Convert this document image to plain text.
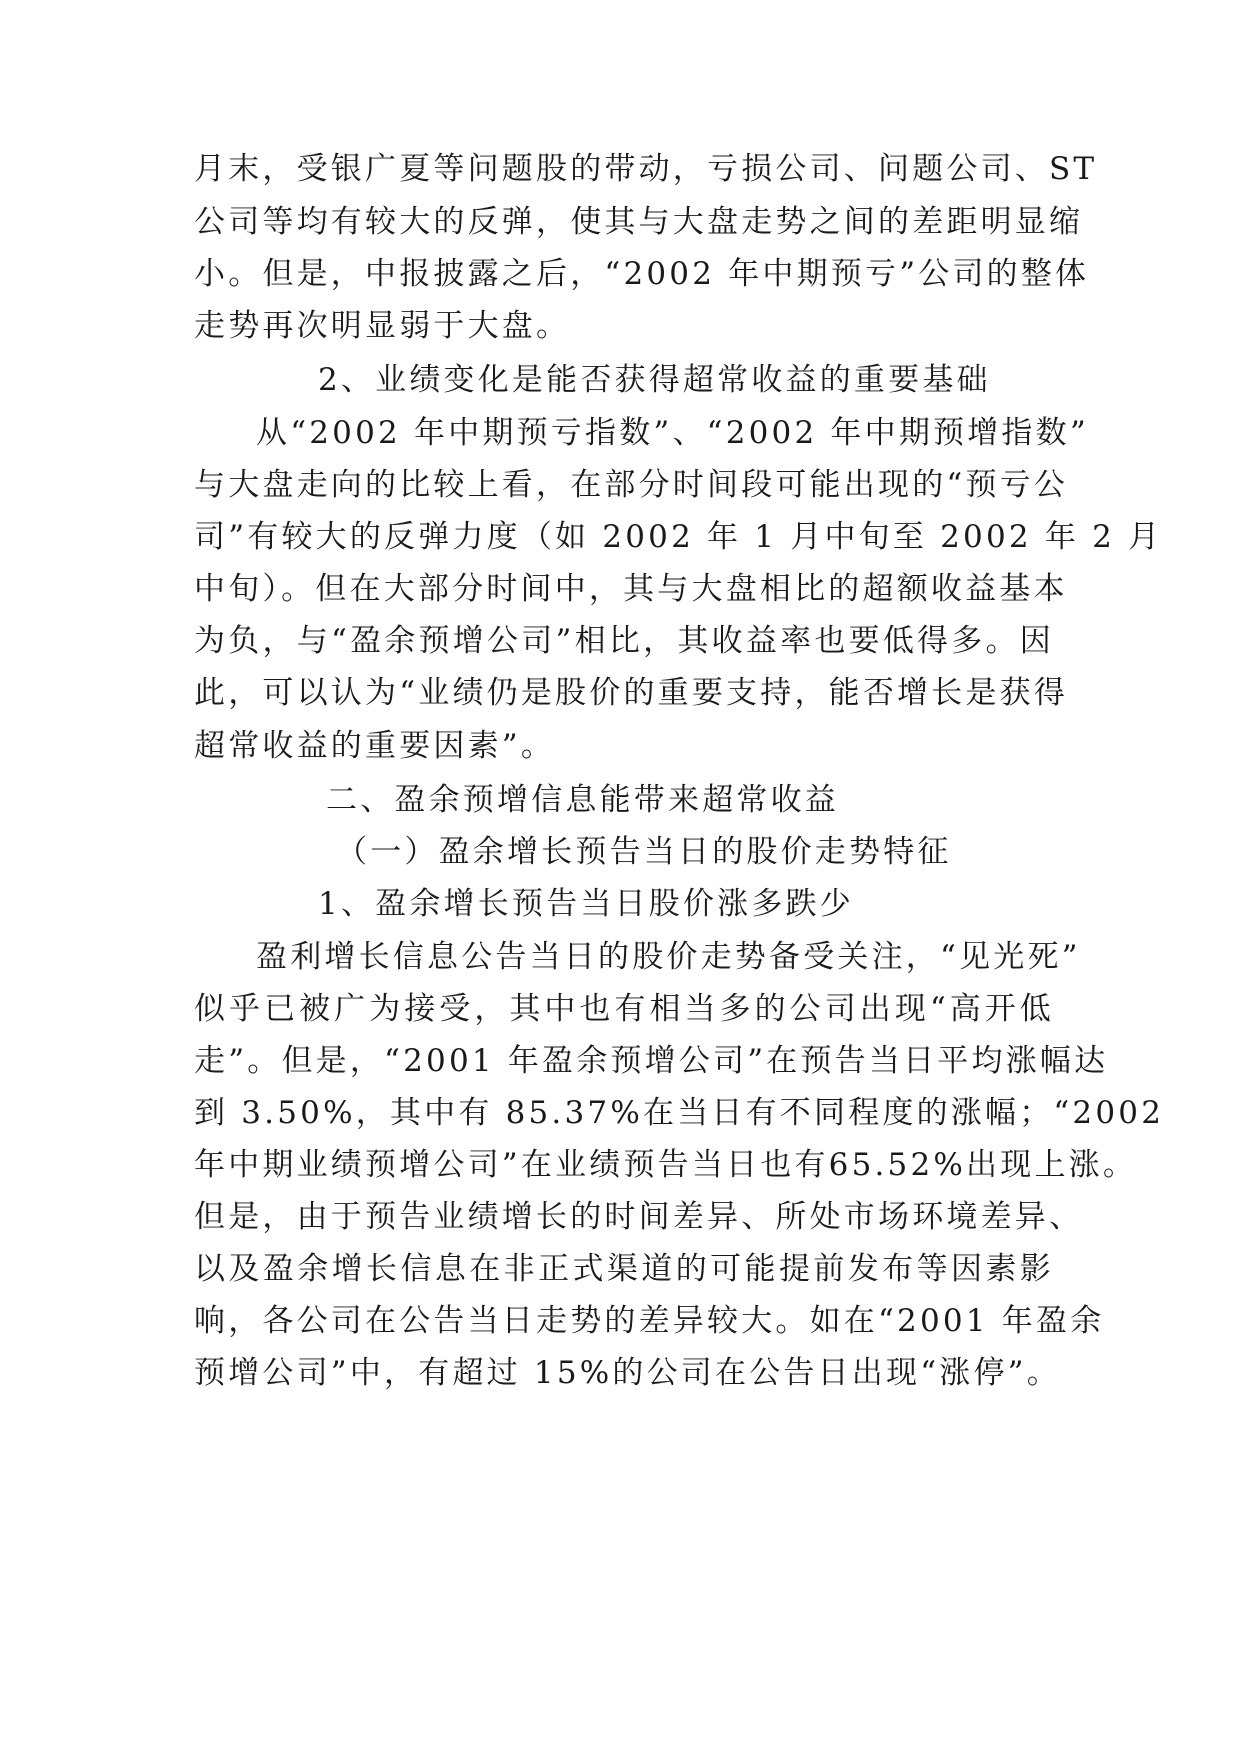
月末，受银广夏等问题股的带动，亏损公司、问题公司、ST
公司等均有较大的反弹，使其与大盘走势之间的差距明显缩
小。但是，中报披露之后，“2002 年中期预亏”公司的整体
走势再次明显弱于大盘。
2、业绩变化是能否获得超常收益的重要基础
从“2002 年中期预亏指数”、“2002 年中期预增指数”
与大盘走向的比较上看，在部分时间段可能出现的“预亏公
司”有较大的反弹力度（如 2002 年 1 月中旬至 2002 年 2 月
中旬）。但在大部分时间中，其与大盘相比的超额收益基本
为负，与“盈余预增公司”相比，其收益率也要低得多。因
此，可以认为“业绩仍是股价的重要支持，能否增长是获得
超常收益的重要因素”。
二、盈余预增信息能带来超常收益
（一）盈余增长预告当日的股价走势特征
1、盈余增长预告当日股价涨多跌少
盈利增长信息公告当日的股价走势备受关注，“见光死”
似乎已被广为接受，其中也有相当多的公司出现“高开低
走”。但是，“2001 年盈余预增公司”在预告当日平均涨幅达
到 3.50%，其中有 85.37%在当日有不同程度的涨幅；“2002
年中期业绩预增公司”在业绩预告当日也有65.52%出现上涨。
但是，由于预告业绩增长的时间差异、所处市场环境差异、
以及盈余增长信息在非正式渠道的可能提前发布等因素影
响，各公司在公告当日走势的差异较大。如在“2001 年盈余
预增公司”中，有超过 15%的公司在公告日出现“涨停”。
